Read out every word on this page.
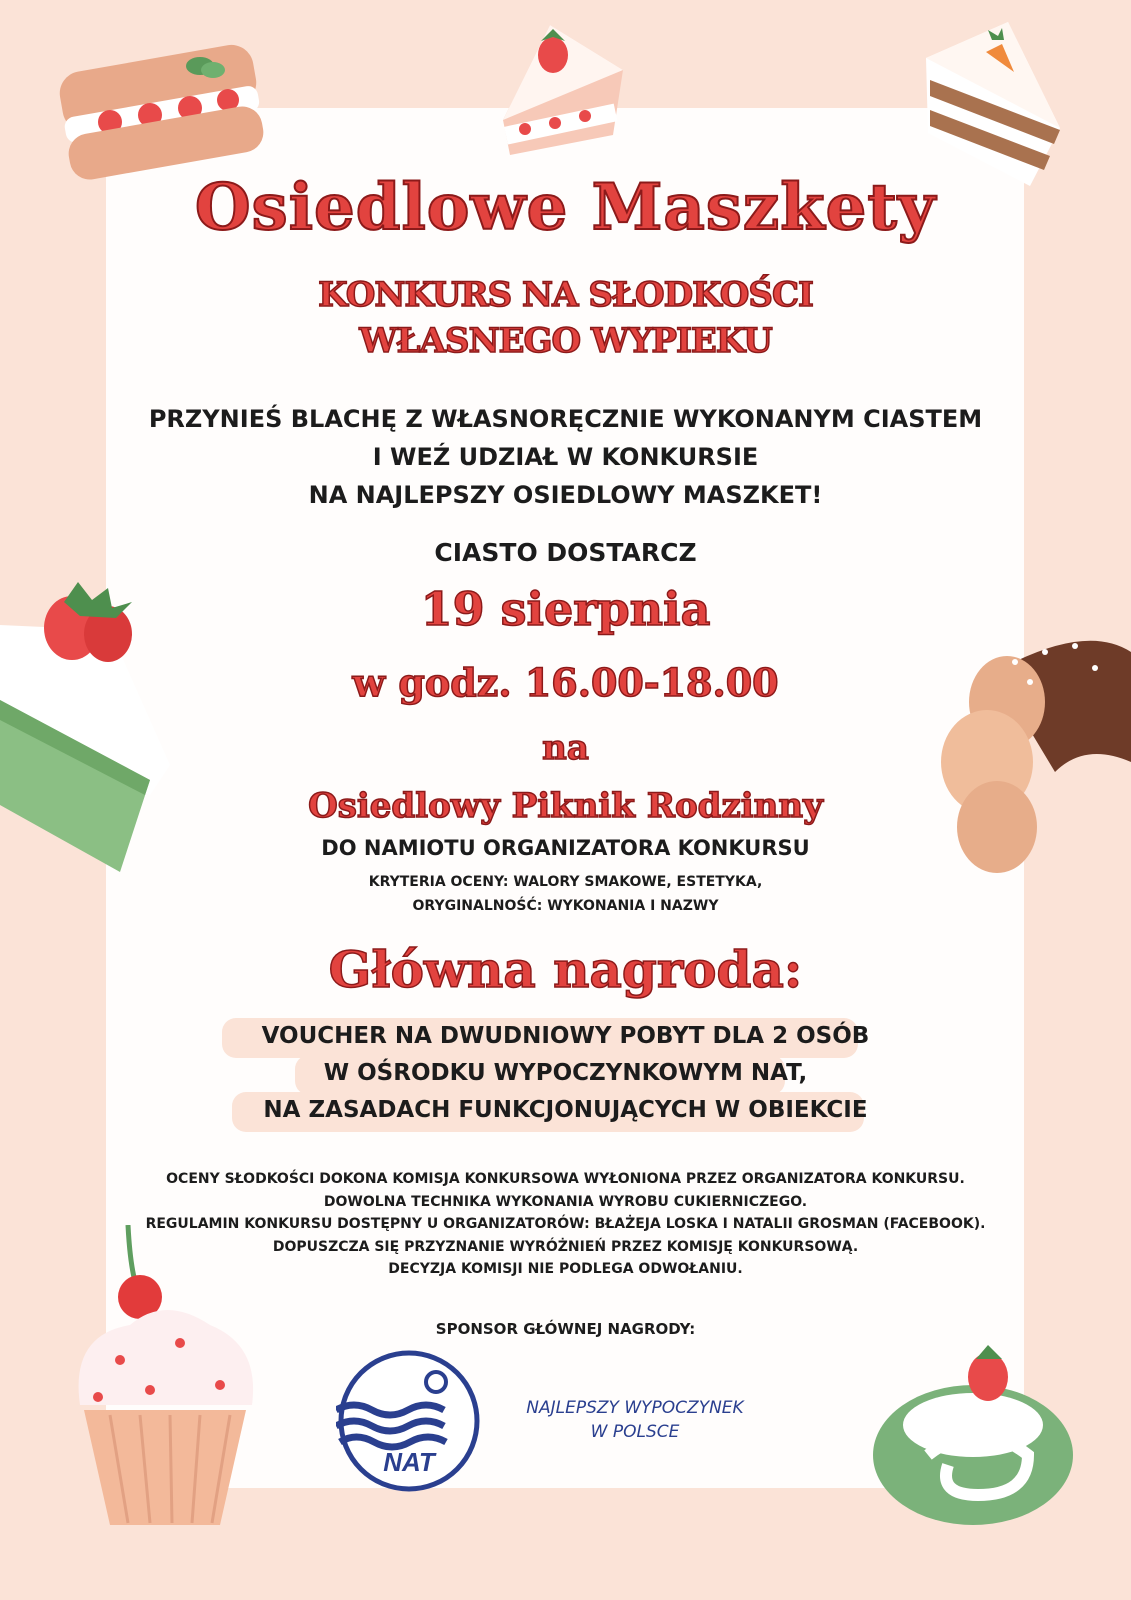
Osiedlowe Maszkety
KONKURS NA SŁODKOŚCI
WŁASNEGO WYPIEKU
PRZYNIEŚ BLACHĘ Z WŁASNORĘCZNIE WYKONANYM CIASTEM
I WEŹ UDZIAŁ W KONKURSIE
NA NAJLEPSZY OSIEDLOWY MASZKET!
CIASTO DOSTARCZ
19 sierpnia
w godz. 16.00-18.00
na
Osiedlowy Piknik Rodzinny
DO NAMIOTU ORGANIZATORA KONKURSU
KRYTERIA OCENY: WALORY SMAKOWE, ESTETYKA,
ORYGINALNOŚĆ: WYKONANIA I NAZWY
Główna nagroda:
VOUCHER NA DWUDNIOWY POBYT DLA 2 OSÓB
W OŚRODKU WYPOCZYNKOWYM NAT,
NA ZASADACH FUNKCJONUJĄCYCH W OBIEKCIE
OCENY SŁODKOŚCI DOKONA KOMISJA KONKURSOWA WYŁONIONA PRZEZ ORGANIZATORA KONKURSU.
DOWOLNA TECHNIKA WYKONANIA WYROBU CUKIERNICZEGO.
REGULAMIN KONKURSU DOSTĘPNY U ORGANIZATORÓW: BŁAŻEJA LOSKA I NATALII GROSMAN (FACEBOOK).
DOPUSZCZA SIĘ PRZYZNANIE WYRÓŻNIEŃ PRZEZ KOMISJĘ KONKURSOWĄ.
DECYZJA KOMISJI NIE PODLEGA ODWOŁANIU.
SPONSOR GŁÓWNEJ NAGRODY:
NAT
NAJLEPSZY WYPOCZYNEK
W POLSCE
